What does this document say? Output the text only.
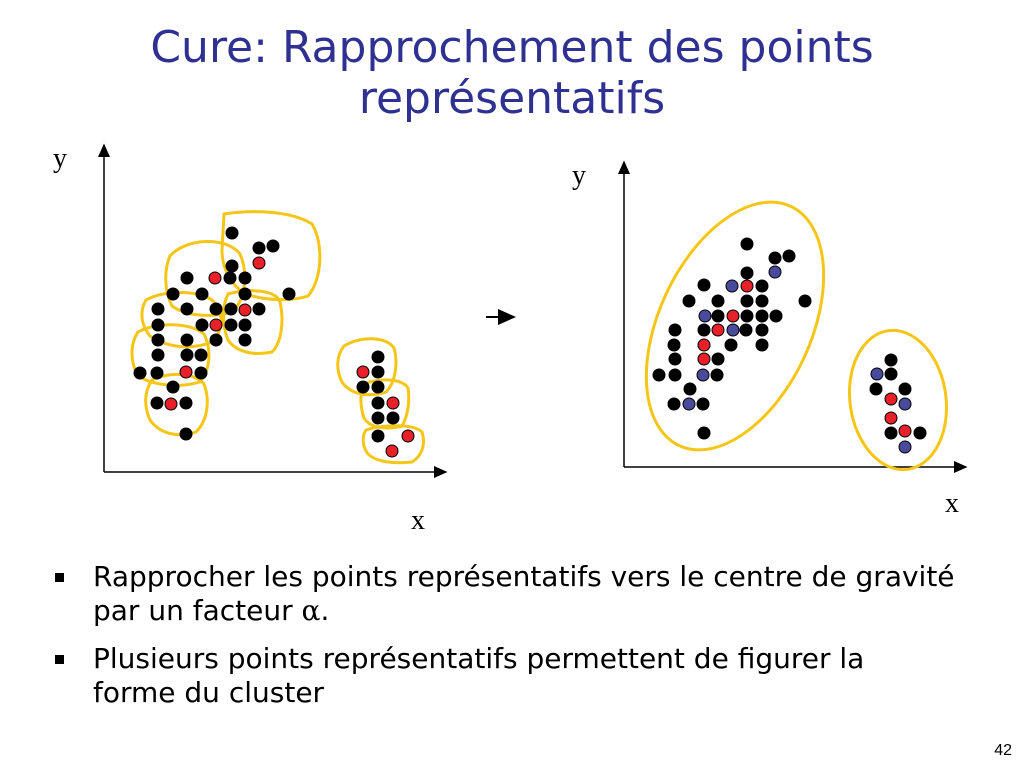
Cure: Rapprochement des points représentatifs
y
x
y
x
Rapprocher les points représentatifs vers le centre de gravité par un facteur α.
Plusieurs points représentatifs permettent de figurer la forme du cluster
42
